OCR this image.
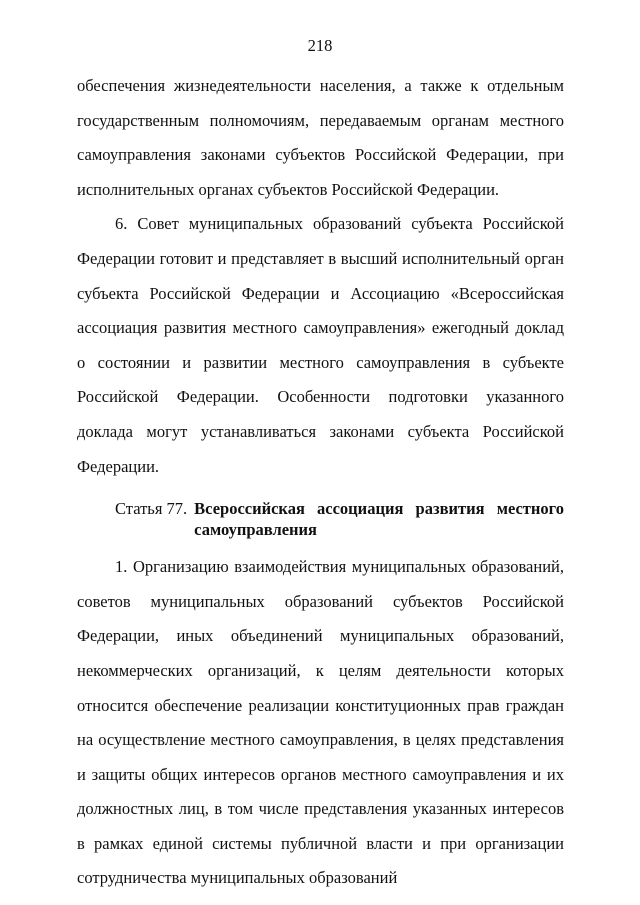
218

обеспечения жизнедеятельности населения, а также к отдельным государственным полномочиям, передаваемым органам местного самоуправления законами субъектов Российской Федерации, при исполнительных органах субъектов Российской Федерации.

6. Совет муниципальных образований субъекта Российской Федерации готовит и представляет в высший исполнительный орган субъекта Российской Федерации и Ассоциацию «Всероссийская ассоциация развития местного самоуправления» ежегодный доклад о состоянии и развитии местного самоуправления в субъекте Российской Федерации. Особенности подготовки указанного доклада могут устанавливаться законами субъекта Российской Федерации.

Статья 77. Всероссийская ассоциация развития местного
самоуправления

1. Организацию взаимодействия муниципальных образований, советов муниципальных образований субъектов Российской Федерации, иных объединений муниципальных образований, некоммерческих организаций, к целям деятельности которых относится обеспечение реализации конституционных прав граждан на осуществление местного самоуправления, в целях представления и защиты общих интересов органов местного самоуправления и их должностных лиц, в том числе представления указанных интересов в рамках единой системы публичной власти и при организации сотрудничества муниципальных образований
